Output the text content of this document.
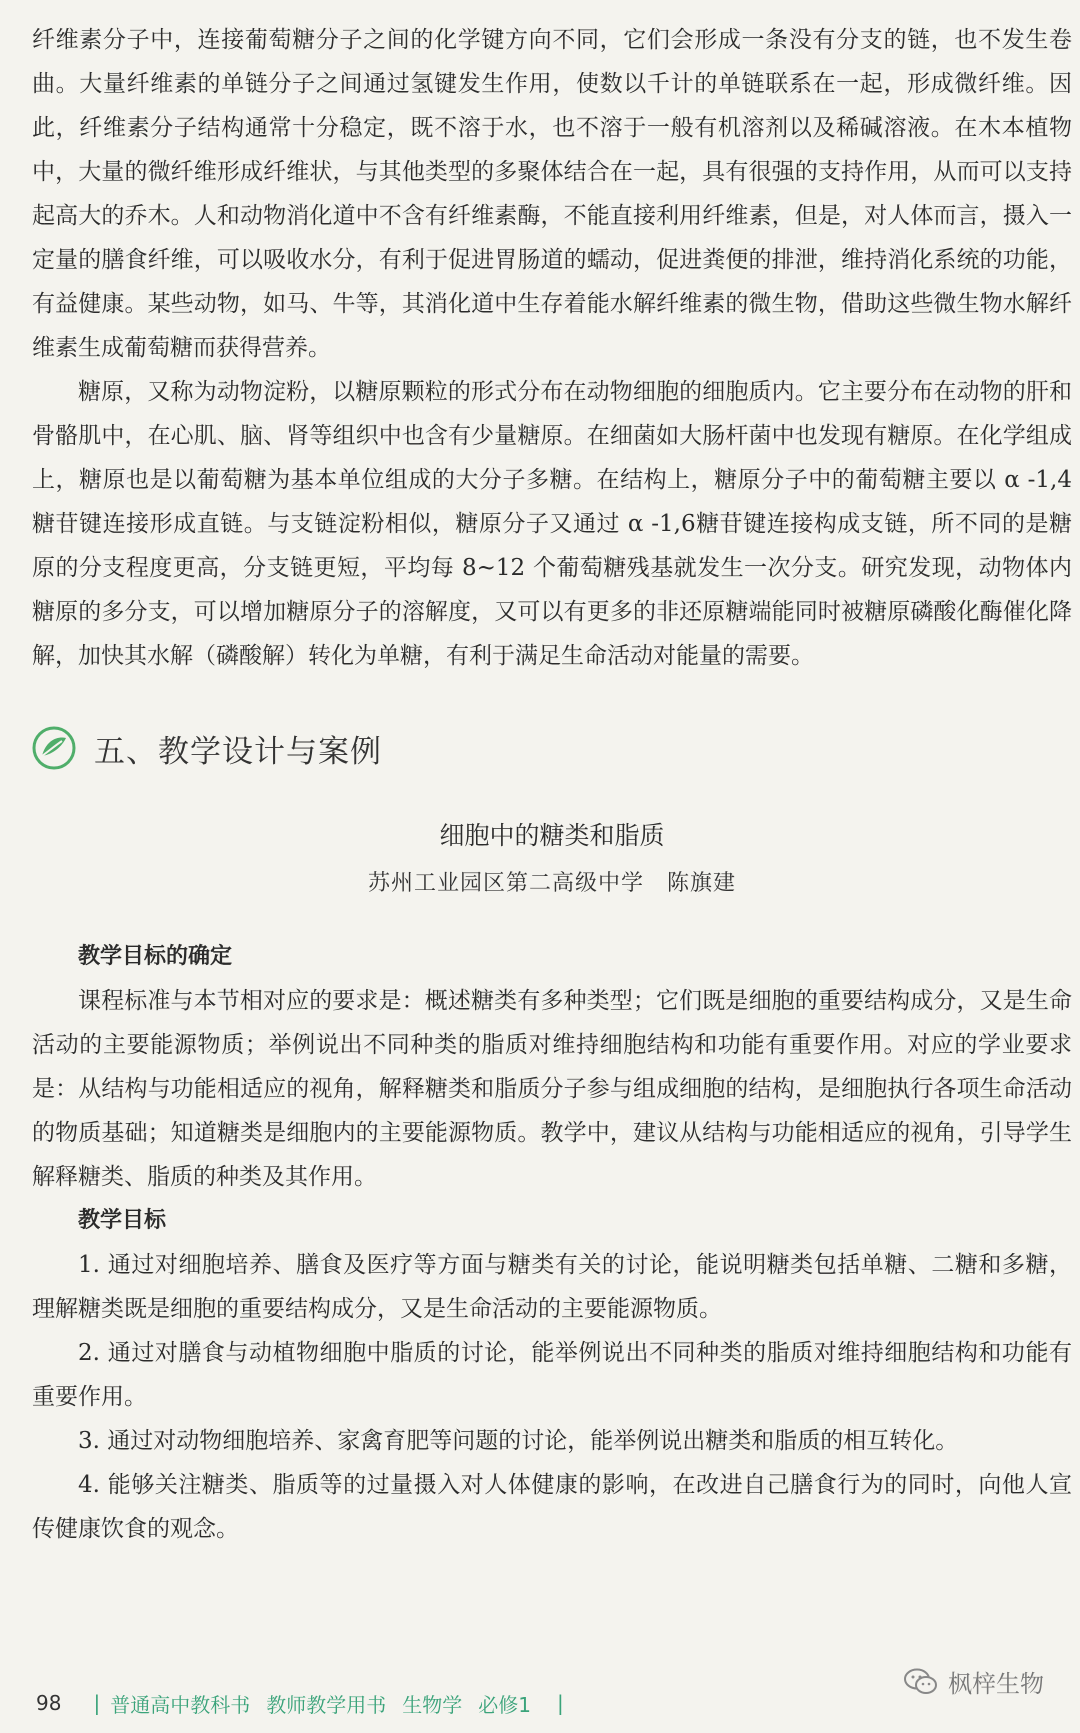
纤维素分子中，连接葡萄糖分子之间的化学键方向不同，它们会形成一条没有分支的链，也不发生卷曲。大量纤维素的单链分子之间通过氢键发生作用，使数以千计的单链联系在一起，形成微纤维。因此，纤维素分子结构通常十分稳定，既不溶于水，也不溶于一般有机溶剂以及稀碱溶液。在木本植物中，大量的微纤维形成纤维状，与其他类型的多聚体结合在一起，具有很强的支持作用，从而可以支持起高大的乔木。人和动物消化道中不含有纤维素酶，不能直接利用纤维素，但是，对人体而言，摄入一定量的膳食纤维，可以吸收水分，有利于促进胃肠道的蠕动，促进粪便的排泄，维持消化系统的功能，有益健康。某些动物，如马、牛等，其消化道中生存着能水解纤维素的微生物，借助这些微生物水解纤维素生成葡萄糖而获得营养。

糖原，又称为动物淀粉，以糖原颗粒的形式分布在动物细胞的细胞质内。它主要分布在动物的肝和骨骼肌中，在心肌、脑、肾等组织中也含有少量糖原。在细菌如大肠杆菌中也发现有糖原。在化学组成上，糖原也是以葡萄糖为基本单位组成的大分子多糖。在结构上，糖原分子中的葡萄糖主要以 α -1,4糖苷键连接形成直链。与支链淀粉相似，糖原分子又通过 α -1,6糖苷键连接构成支链，所不同的是糖原的分支程度更高，分支链更短，平均每 8~12 个葡萄糖残基就发生一次分支。研究发现，动物体内糖原的多分支，可以增加糖原分子的溶解度，又可以有更多的非还原糖端能同时被糖原磷酸化酶催化降解，加快其水解（磷酸解）转化为单糖，有利于满足生命活动对能量的需要。

五、教学设计与案例
细胞中的糖类和脂质
苏州工业园区第二高级中学　陈旗建
教学目标的确定

课程标准与本节相对应的要求是：概述糖类有多种类型；它们既是细胞的重要结构成分，又是生命活动的主要能源物质；举例说出不同种类的脂质对维持细胞结构和功能有重要作用。对应的学业要求是：从结构与功能相适应的视角，解释糖类和脂质分子参与组成细胞的结构，是细胞执行各项生命活动的物质基础；知道糖类是细胞内的主要能源物质。教学中，建议从结构与功能相适应的视角，引导学生解释糖类、脂质的种类及其作用。

教学目标

1. 通过对细胞培养、膳食及医疗等方面与糖类有关的讨论，能说明糖类包括单糖、二糖和多糖，理解糖类既是细胞的重要结构成分，又是生命活动的主要能源物质。

2. 通过对膳食与动植物细胞中脂质的讨论，能举例说出不同种类的脂质对维持细胞结构和功能有重要作用。

3. 通过对动物细胞培养、家禽育肥等问题的讨论，能举例说出糖类和脂质的相互转化。

4. 能够关注糖类、脂质等的过量摄入对人体健康的影响，在改进自己膳食行为的同时，向他人宣传健康饮食的观念。

98 | 普通高中教科书 教师教学用书 生物学 必修1 |
枫梓生物
